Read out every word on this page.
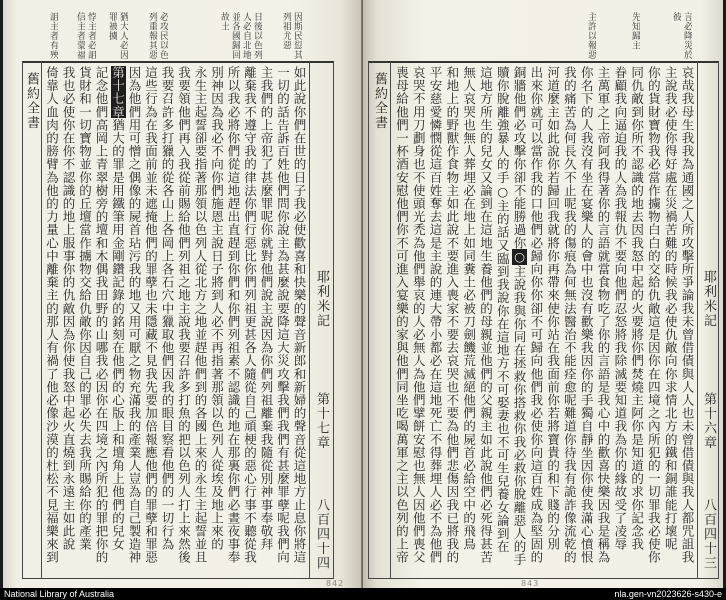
因斯民愆其
列祖尤惡
日後以色列
人必自北地
並各國歸回
故土
必攻民以色
列重報其惡
猶大人必因
罪被擄
悖主者必詛
信主者蒙福
詛主者有殃
舊約全書
耶利米記
第十七章
八百四十四
如此說你們在世的日子我必使歡喜和快樂的聲音新郎和新婦的聲音從這地方止息你將這
一切的話告訴百姓他們問你說主為甚麼說要降這大災攻擊我們我們有甚麼罪孽呢我們向
主我們的上帝犯了甚麼罪呢你就對他們說主說因為你們列祖離棄我隨從別神事奉敬拜
離棄我不遵守我的律法你們行惡比你們列祖更甚各人隨從自己頑梗的惡心行事不聽從我
所以我必將你們從這地趕出直趕到你們和你們列祖素不認識的地在那裏你們必晝夜事奉
別神因為我必不向你們施恩主說日子將到人必不再指著那領以色列人從埃及地上來的
永生主起誓卻要指著那領以色列人從北方之地並趕他們到的各國上來的永生主起誓並且
我要領他們再入我從前賜給他們列祖之地主說我要召許多打魚的把以色列人打上來然後
我要召許多打獵的從各山上各岡上各石穴中獵取他們因我的眼目察看他們的一切行為
這些行為在我面前並未遮掩他們的罪孽也未隱藏不見我先要加倍報應他們的罪孽和罪惡
因為他們用可憎之偶像的屍首玷污我的地又用可厭之物充滿我的產業人豈為自己製造神
第十七章猶大的罪是用鐵筆用金剛鑽記錄的銘刻在他們的心版上和壇角上他們的兒女
記念他們高岡上青翠樹旁的壇和木偶我田野的山哪我必因你在四境之內所犯的罪把你的
貨財和一切寶物並你的丘壇當作擄物交給仇敵你因自己的罪必失去我所賜給你的產業
我也必使你在你不認識的地上服事你的仇敵因為你使我怒中起火直燒到永遠主如此說
倚靠人血肉的膀臂為他的力量心中離棄主的那人有禍了他必像沙漠的杜松不見福樂來到
842
言必降災於
彼
先知歸主
主許以報惡
舊約全書
耶利米記
第十六章
八百四十三
哀哉我母生我我為通國之人所攻擊所爭論我未曾借債與人人也未曾借債與我人都咒詛我
主說我必使你得好處在災禍苦難的時候我必使仇敵向你求情北方的鐵和銅誰能打壞呢
你的貨財寶物我必當作擄物白白的交給仇敵這是因你在四境之內所犯的一切罪我必使你
同仇敵到你所不認識的地去因我怒中起的火要將你們焚燒主阿你是知道的求你記念我
眷顧我向逼迫我的人為我報仇不要向他們忍怒將我除滅要知道我為你的緣故受了凌辱
主萬軍之上帝阿我得著你的言語就當食物吃了你的言語是我心中的歡喜快樂因我是稱為
你名下的人我沒有坐在宴樂人的會中也沒有歡樂我因你的手獨自靜坐因你使我滿心憤恨
我的痛苦為何長久不止呢我的傷痕為何無法醫治不能痊愈呢難道你待我有詭詐像流乾的
河道麼主如此說你若歸回我就將你再帶來使你站在我面前你若將寶貴的和下賤的分別
出來你就可以當作我的口他們必歸向你你卻不可歸向他們我必使你向這百姓成為堅固的
銅牆他們必攻擊你卻不能勝過你○主說我與你同在拯救你搭救你我必救你脫離惡人的手
贖你脫離強暴人的手○主的話又臨到我說你在這地方不可娶妻也不可生兒養女論到在
這地方所生的兒女又論到在這地生養他們的母親並他們的父親主如此說他們必死得甚苦
無人哀哭也無人葬埋必在地上如同糞土必被刀劍饑荒滅絕他們的屍首必給空中的飛鳥
和地上的野獸作食物主如此說不要進入喪家不要去哀哭也不要為他們悲傷因我已將我的
平安慈愛憐憫從這百姓奪去這是主說的連大帶小都必在這地死亡不得葬埋人必不為他們
哀哭不用刀劃身也不使頭光禿為他們舉哀的人必無人為他們擘餅安慰也無人因他們喪父
喪母給他們一杯酒安慰他們你不可進入宴樂的家與他們同坐吃喝萬軍之主以色列的上帝
843
National Library of Australia	nla.gen-vn2023626-s430-e
